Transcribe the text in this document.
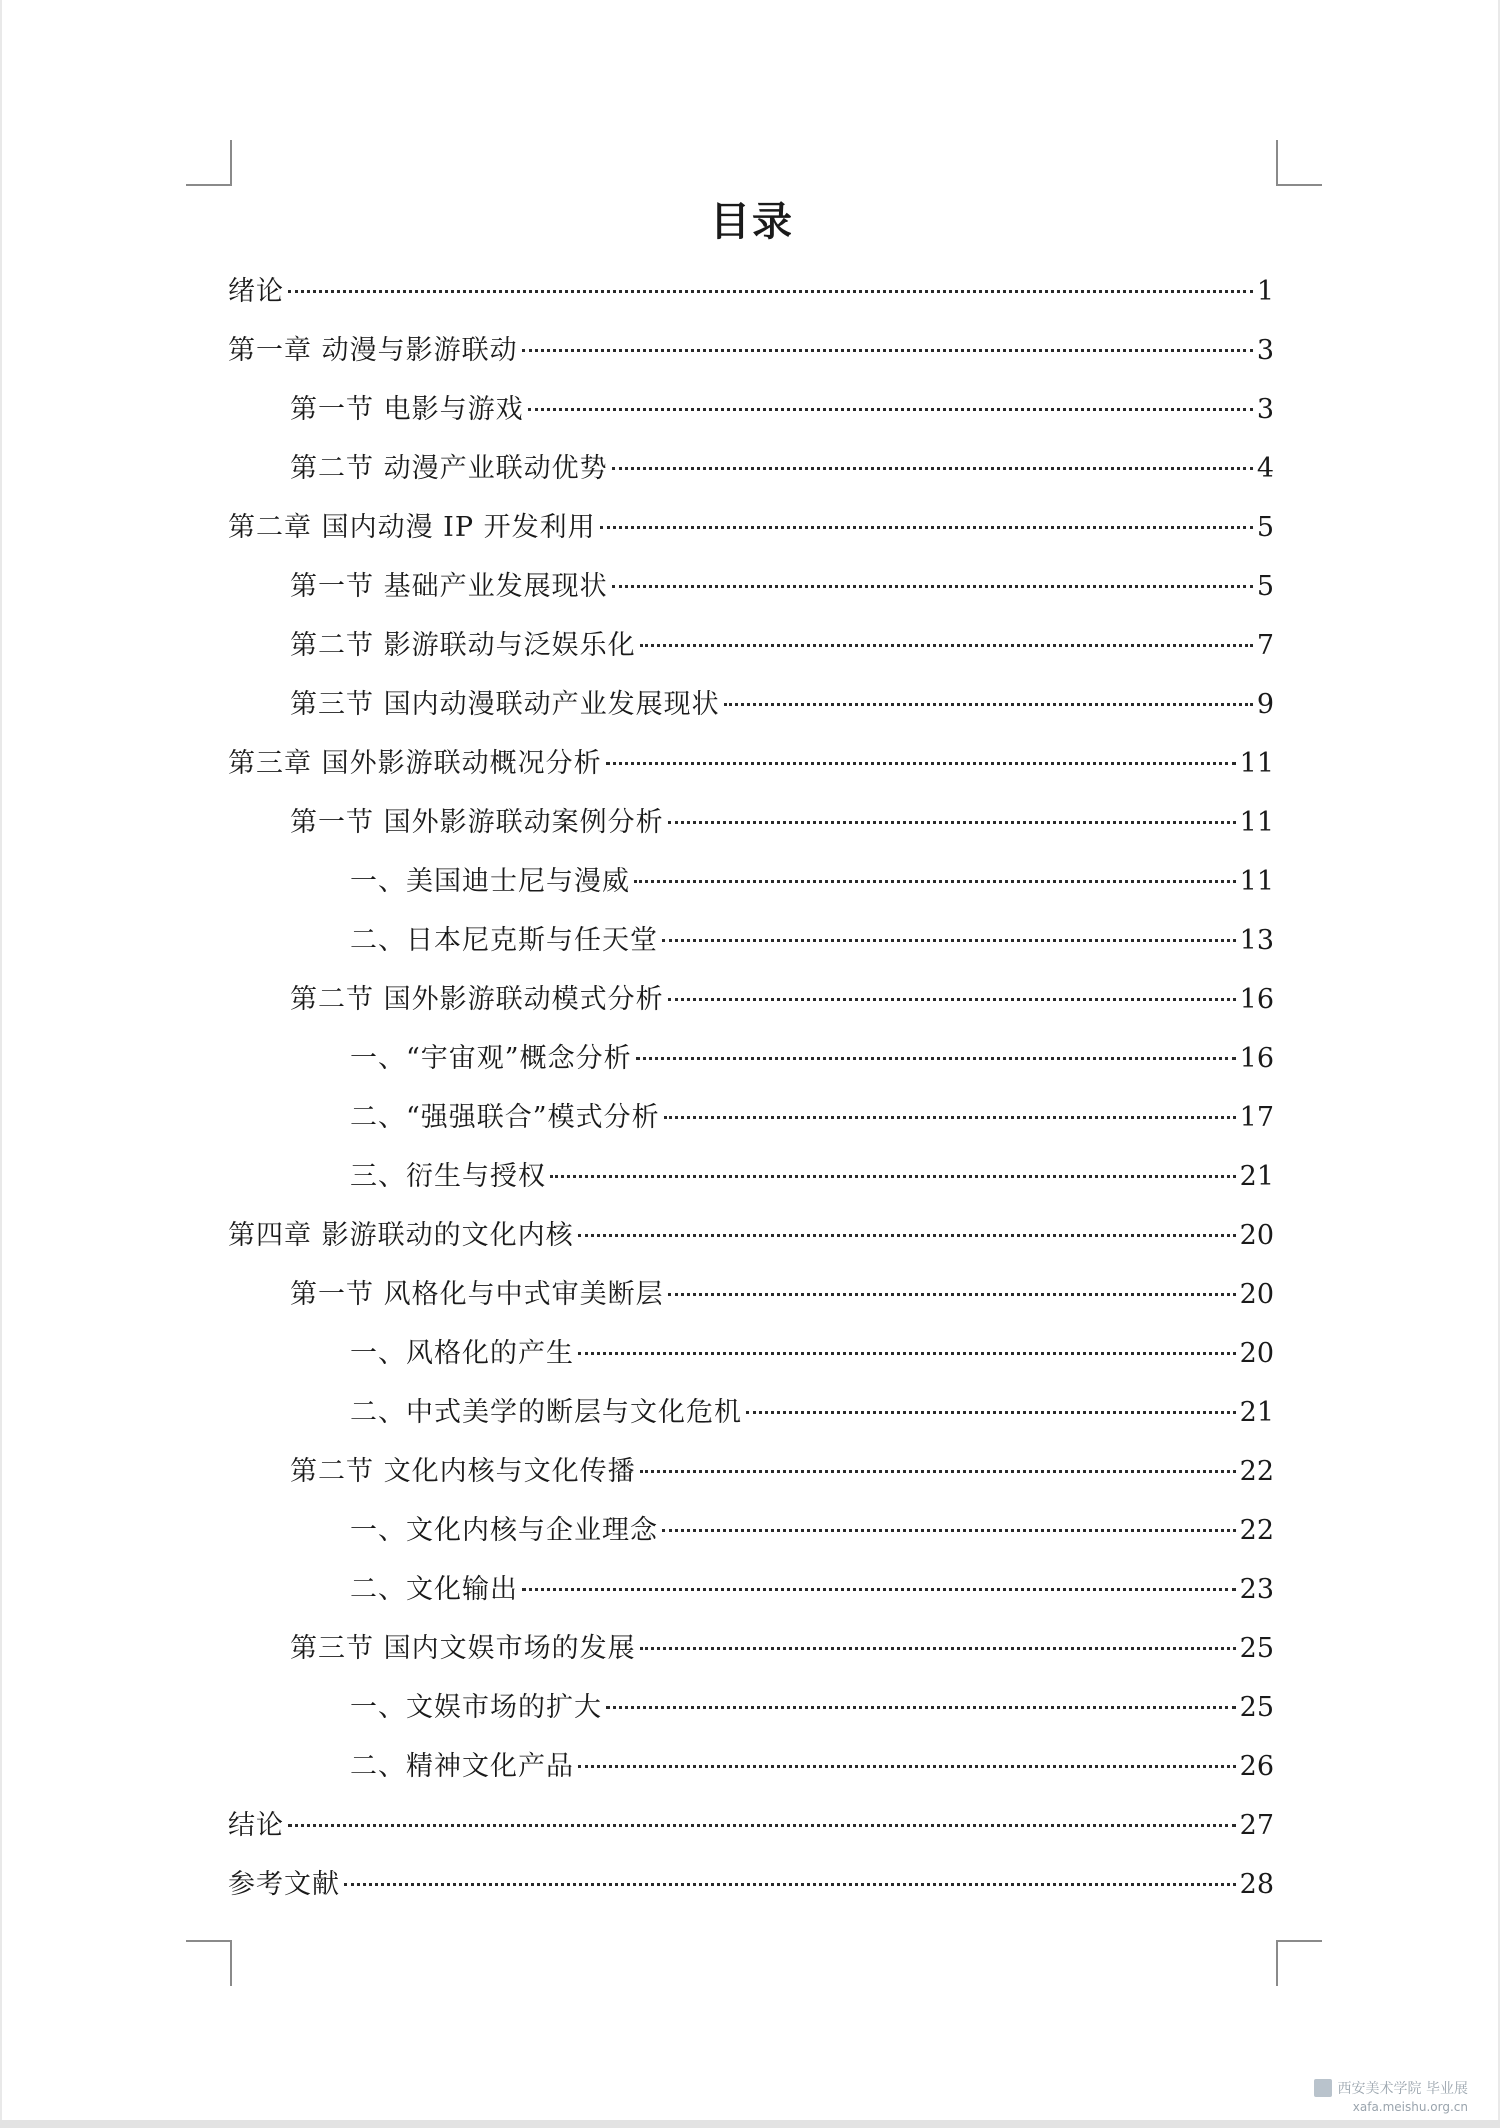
目录
绪论	1
第一章 动漫与影游联动	3
第一节 电影与游戏	3
第二节 动漫产业联动优势	4
第二章 国内动漫 IP 开发利用	5
第一节 基础产业发展现状	5
第二节 影游联动与泛娱乐化	7
第三节 国内动漫联动产业发展现状	9
第三章 国外影游联动概况分析	11
第一节 国外影游联动案例分析	11
一、美国迪士尼与漫威	11
二、日本尼克斯与任天堂	13
第二节 国外影游联动模式分析	16
一、“宇宙观”概念分析	16
二、“强强联合”模式分析	17
三、衍生与授权	21
第四章 影游联动的文化内核	20
第一节 风格化与中式审美断层	20
一、风格化的产生	20
二、中式美学的断层与文化危机	21
第二节 文化内核与文化传播	22
一、文化内核与企业理念	22
二、文化输出	23
第三节 国内文娱市场的发展	25
一、文娱市场的扩大	25
二、精神文化产品	26
结论	27
参考文献	28
西安美术学院 毕业展
xafa.meishu.org.cn
